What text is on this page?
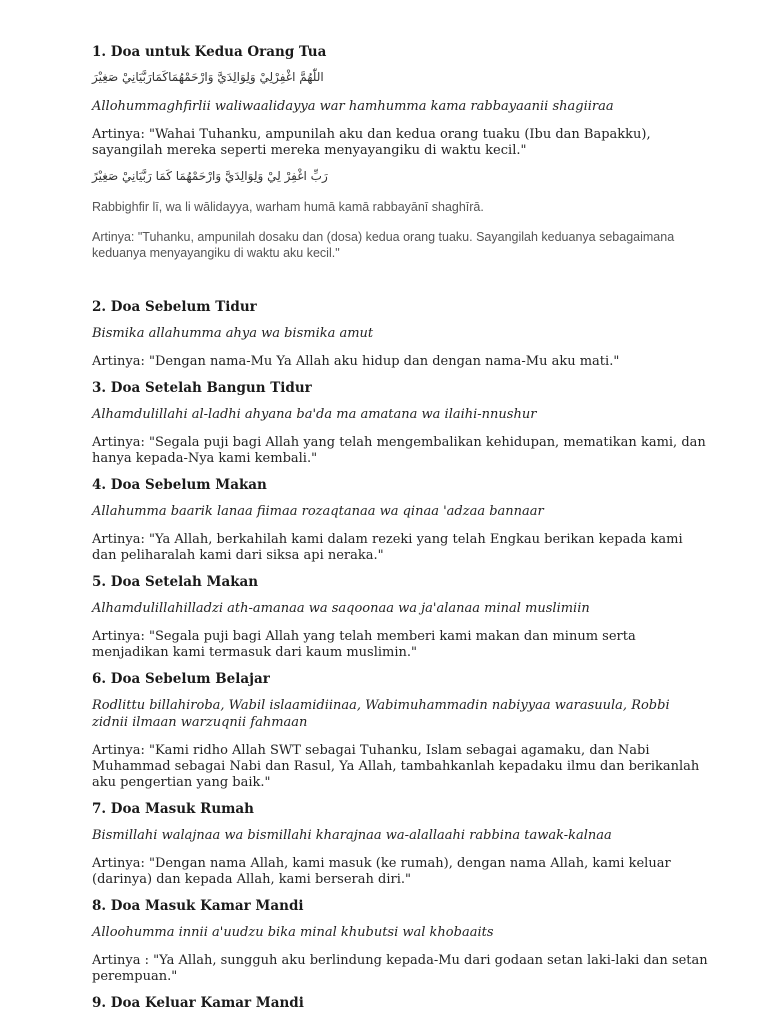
1. Doa untuk Kedua Orang Tua

اللّٰهُمَّ اغْفِرْلِيْ وَلِوَالِدَيَّ وَارْحَمْهُمَاكَمَارَبَّيَانِيْ صَغِيْرَ

Allohummaghfirlii waliwaalidayya war hamhumma kama rabbayaanii shagiiraa

Artinya: "Wahai Tuhanku, ampunilah aku dan kedua orang tuaku (Ibu dan Bapakku), sayangilah mereka seperti mereka menyayangiku di waktu kecil."

رَبِّ اغْفِرْ لِيْ وَلِوَالِدَيَّ وَارْحَمْهُمَا كَمَا رَبَّيَانِيْ صَغِيْرً

Rabbighfir lī, wa li wālidayya, warham humā kamā rabbayānī shaghīrā.

Artinya: "Tuhanku, ampunilah dosaku dan (dosa) kedua orang tuaku. Sayangilah keduanya sebagaimana keduanya menyayangiku di waktu aku kecil."

2. Doa Sebelum Tidur

Bismika allahumma ahya wa bismika amut

Artinya: "Dengan nama-Mu Ya Allah aku hidup dan dengan nama-Mu aku mati."

3. Doa Setelah Bangun Tidur

Alhamdulillahi al-ladhi ahyana ba'da ma amatana wa ilaihi-nnushur

Artinya: "Segala puji bagi Allah yang telah mengembalikan kehidupan, mematikan kami, dan hanya kepada-Nya kami kembali."

4. Doa Sebelum Makan

Allahumma baarik lanaa fiimaa rozaqtanaa wa qinaa 'adzaa bannaar

Artinya: "Ya Allah, berkahilah kami dalam rezeki yang telah Engkau berikan kepada kami dan peliharalah kami dari siksa api neraka."

5. Doa Setelah Makan

Alhamdulillahilladzi ath-amanaa wa saqoonaa wa ja'alanaa minal muslimiin

Artinya: "Segala puji bagi Allah yang telah memberi kami makan dan minum serta menjadikan kami termasuk dari kaum muslimin."

6. Doa Sebelum Belajar

Rodlittu billahiroba, Wabil islaamidiinaa, Wabimuhammadin nabiyyaa warasuula, Robbi zidnii ilmaan warzuqnii fahmaan

Artinya: "Kami ridho Allah SWT sebagai Tuhanku, Islam sebagai agamaku, dan Nabi Muhammad sebagai Nabi dan Rasul, Ya Allah, tambahkanlah kepadaku ilmu dan berikanlah aku pengertian yang baik."

7. Doa Masuk Rumah

Bismillahi walajnaa wa bismillahi kharajnaa wa-alallaahi rabbina tawak-kalnaa

Artinya: "Dengan nama Allah, kami masuk (ke rumah), dengan nama Allah, kami keluar (darinya) dan kepada Allah, kami berserah diri."

8. Doa Masuk Kamar Mandi

Alloohumma innii a'uudzu bika minal khubutsi wal khobaaits

Artinya : "Ya Allah, sungguh aku berlindung kepada-Mu dari godaan setan laki-laki dan setan perempuan."

9. Doa Keluar Kamar Mandi
